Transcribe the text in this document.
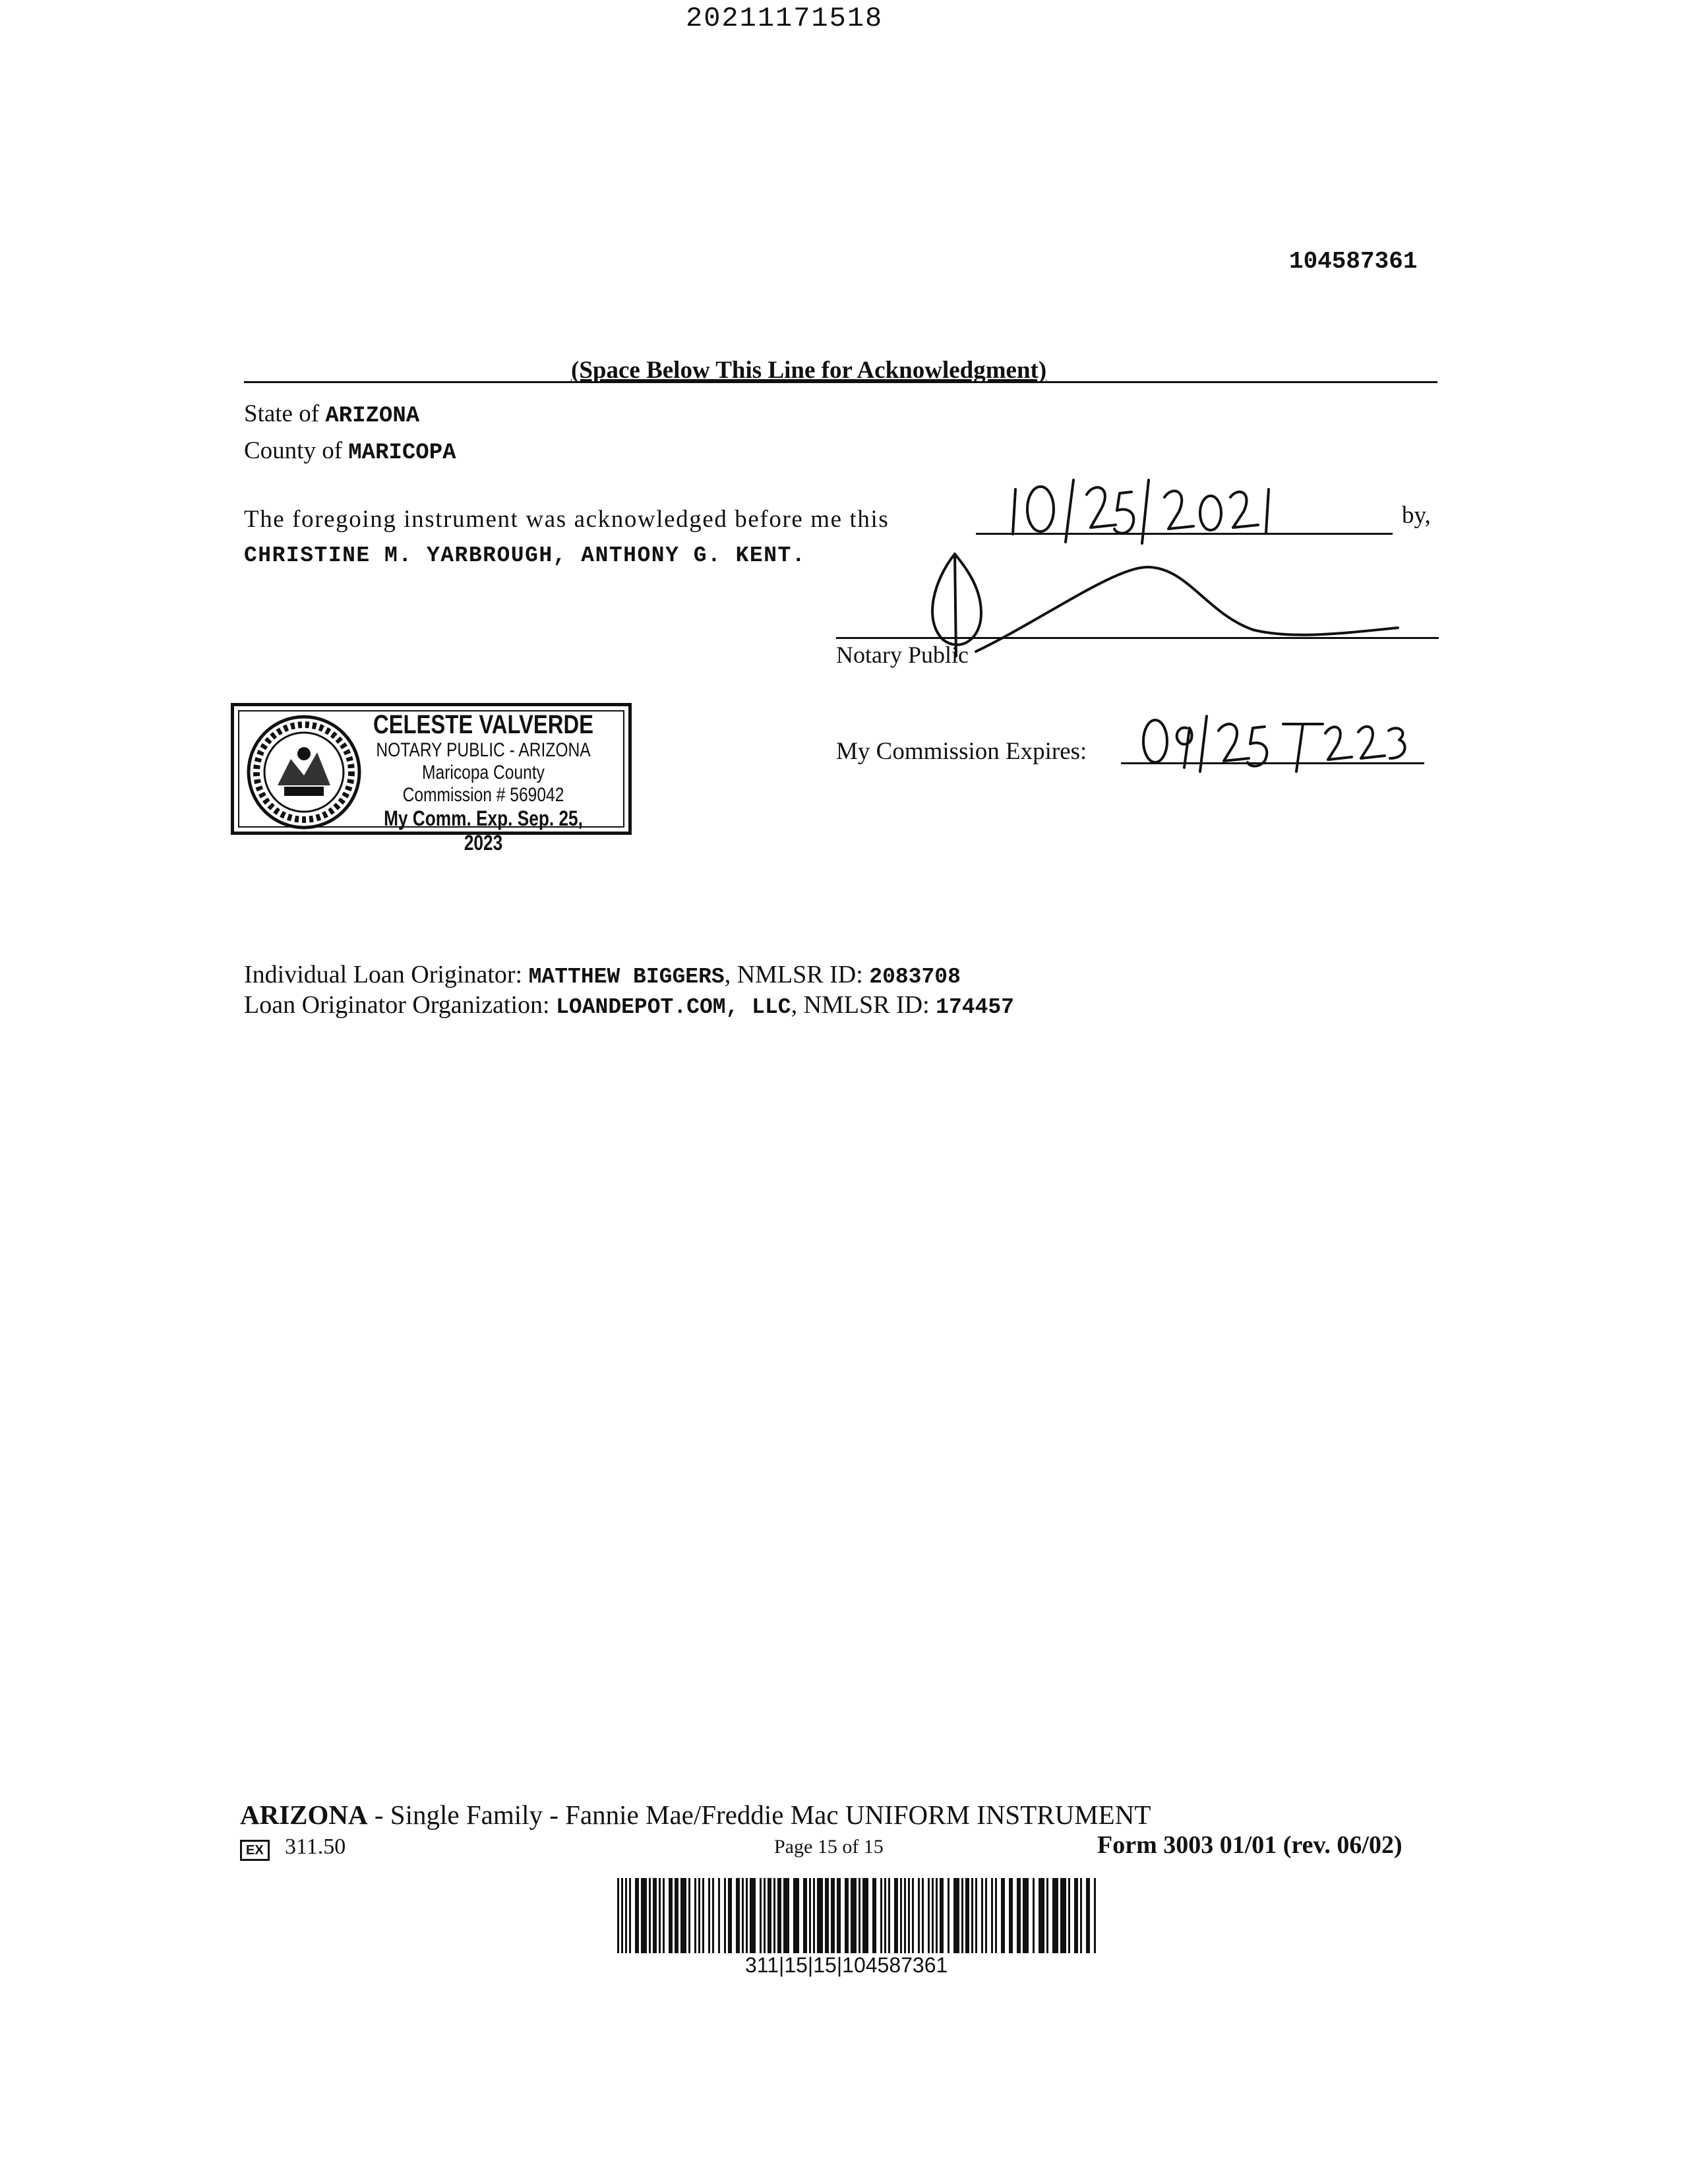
20211171518
104587361
(Space Below This Line for Acknowledgment)
State of ARIZONA
County of MARICOPA
The foregoing instrument was acknowledged before me this	by,
CHRISTINE M. YARBROUGH, ANTHONY G. KENT.
Notary Public
CELESTE VALVERDE
NOTARY PUBLIC - ARIZONA
Maricopa County
Commission # 569042
My Comm. Exp. Sep. 25, 2023
My Commission Expires:
Individual Loan Originator: MATTHEW BIGGERS, NMLSR ID: 2083708
Loan Originator Organization: LOANDEPOT.COM, LLC, NMLSR ID: 174457
ARIZONA - Single Family - Fannie Mae/Freddie Mac UNIFORM INSTRUMENT
EX 311.50	Page 15 of 15	Form 3003 01/01 (rev. 06/02)
311|15|15|104587361
